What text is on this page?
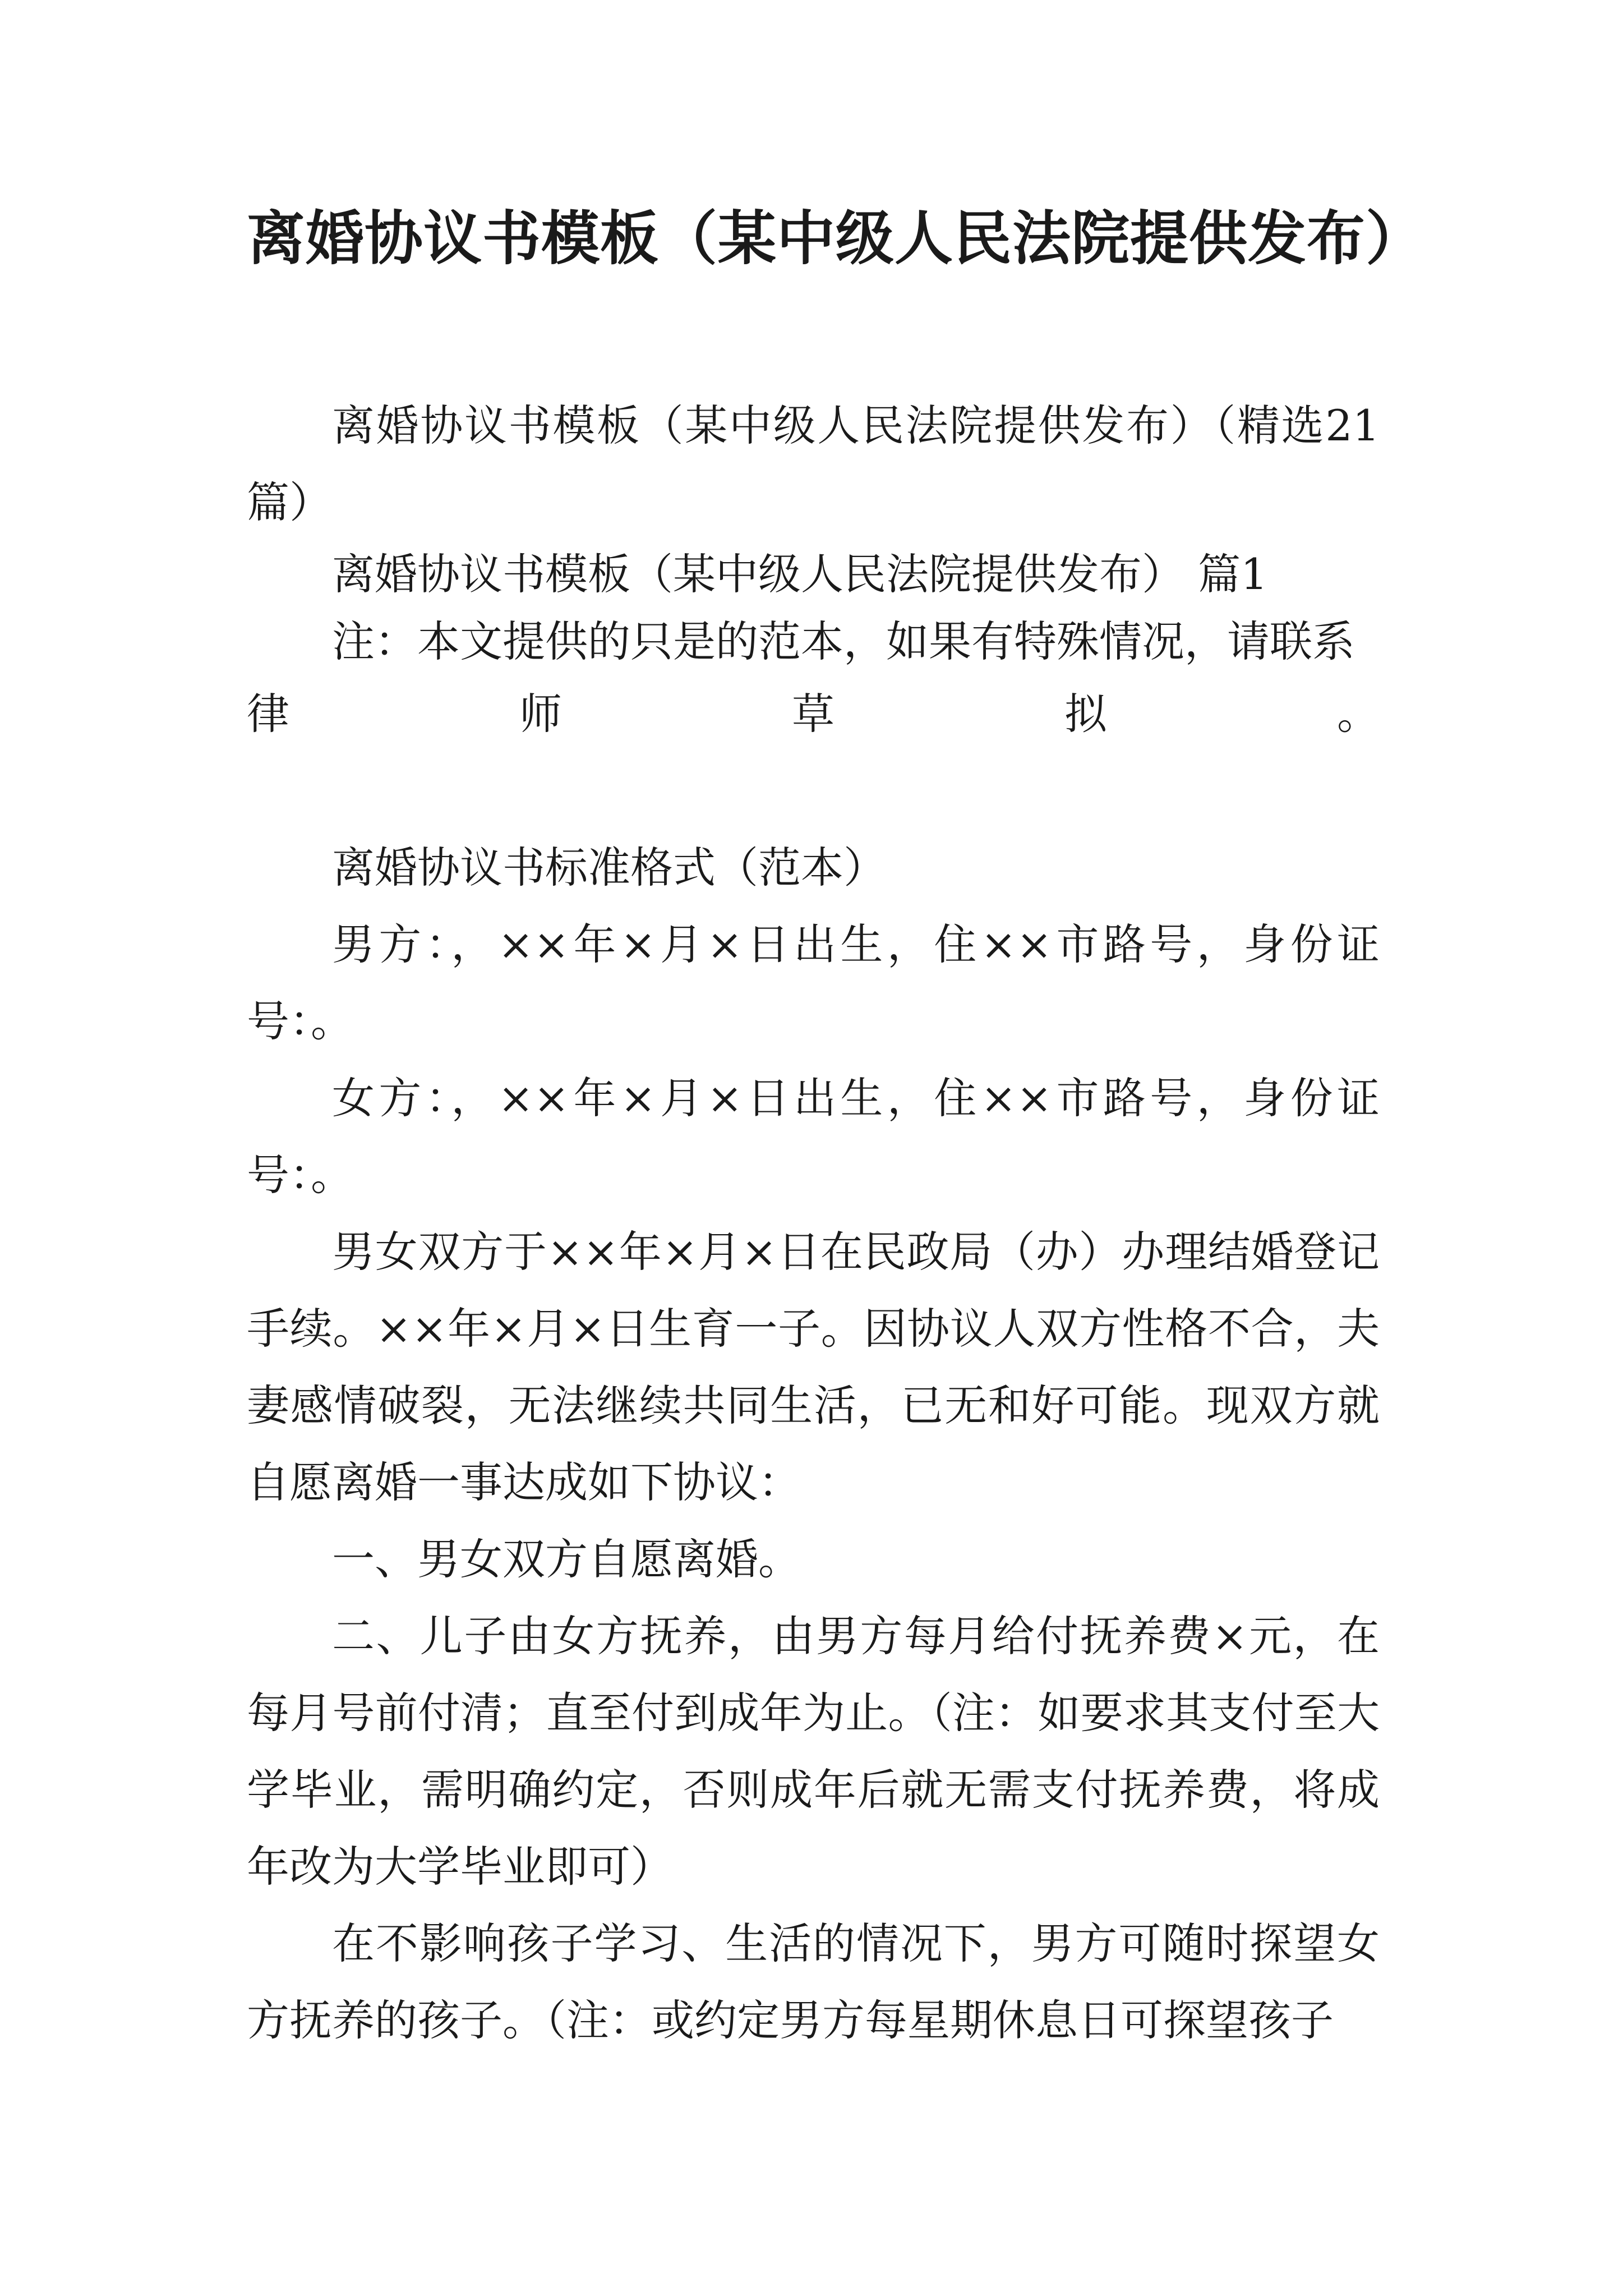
离婚协议书模板（某中级人民法院提供发布）

离婚协议书模板（某中级人民法院提供发布）（精选21篇）

离婚协议书模板（某中级人民法院提供发布） 篇1

注：本文提供的只是的范本，如果有特殊情况，请联系

律	师	草	拟	。

离婚协议书标准格式（范本）

男方：，××年×月×日出生，住××市路号，身份证号：。

女方：，××年×月×日出生，住××市路号，身份证号：。

男女双方于××年×月×日在民政局（办）办理结婚登记手续。××年×月×日生育一子。因协议人双方性格不合，夫妻感情破裂，无法继续共同生活，已无和好可能。现双方就自愿离婚一事达成如下协议：

一、男女双方自愿离婚。

二、儿子由女方抚养，由男方每月给付抚养费×元，在每月号前付清；直至付到成年为止。（注：如要求其支付至大学毕业，需明确约定，否则成年后就无需支付抚养费，将成年改为大学毕业即可）

在不影响孩子学习、生活的情况下，男方可随时探望女方抚养的孩子。（注：或约定男方每星期休息日可探望孩子
